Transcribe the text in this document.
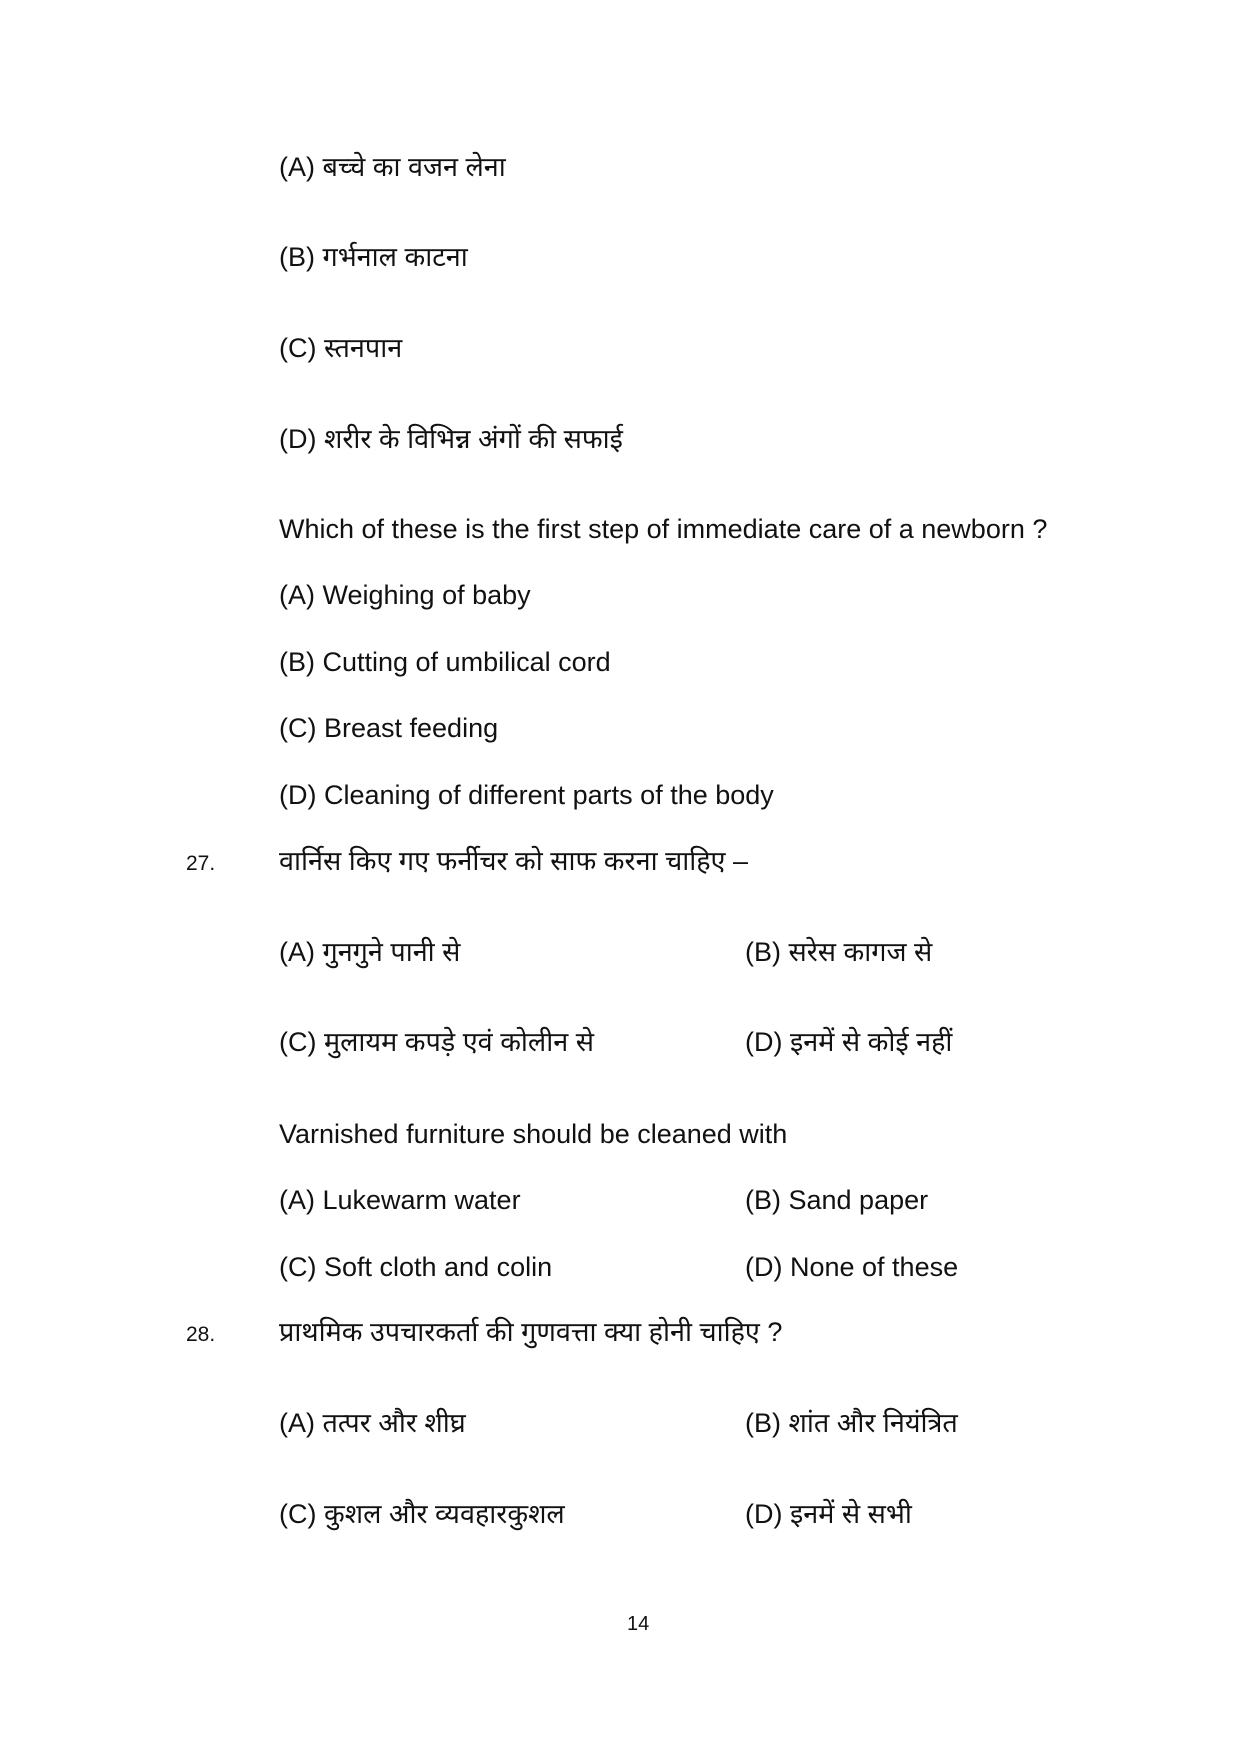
(A) बच्चे का वजन लेना
(B) गर्भनाल काटना
(C) स्तनपान
(D) शरीर के विभिन्न अंगों की सफाई
Which of these is the first step of immediate care of a newborn ?
(A) Weighing of baby
(B) Cutting of umbilical cord
(C) Breast feeding
(D) Cleaning of different parts of the body
27. वार्निस किए गए फर्नीचर को साफ करना चाहिए –
(A) गुनगुने पानी से	(B) सरेस कागज से
(C) मुलायम कपड़े एवं कोलीन से	(D) इनमें से कोई नहीं
Varnished furniture should be cleaned with
(A) Lukewarm water	(B) Sand paper
(C) Soft cloth and colin	(D) None of these
28. प्राथमिक उपचारकर्ता की गुणवत्ता क्या होनी चाहिए ?
(A) तत्पर और शीघ्र	(B) शांत और नियंत्रित
(C) कुशल और व्यवहारकुशल	(D) इनमें से सभी
14
